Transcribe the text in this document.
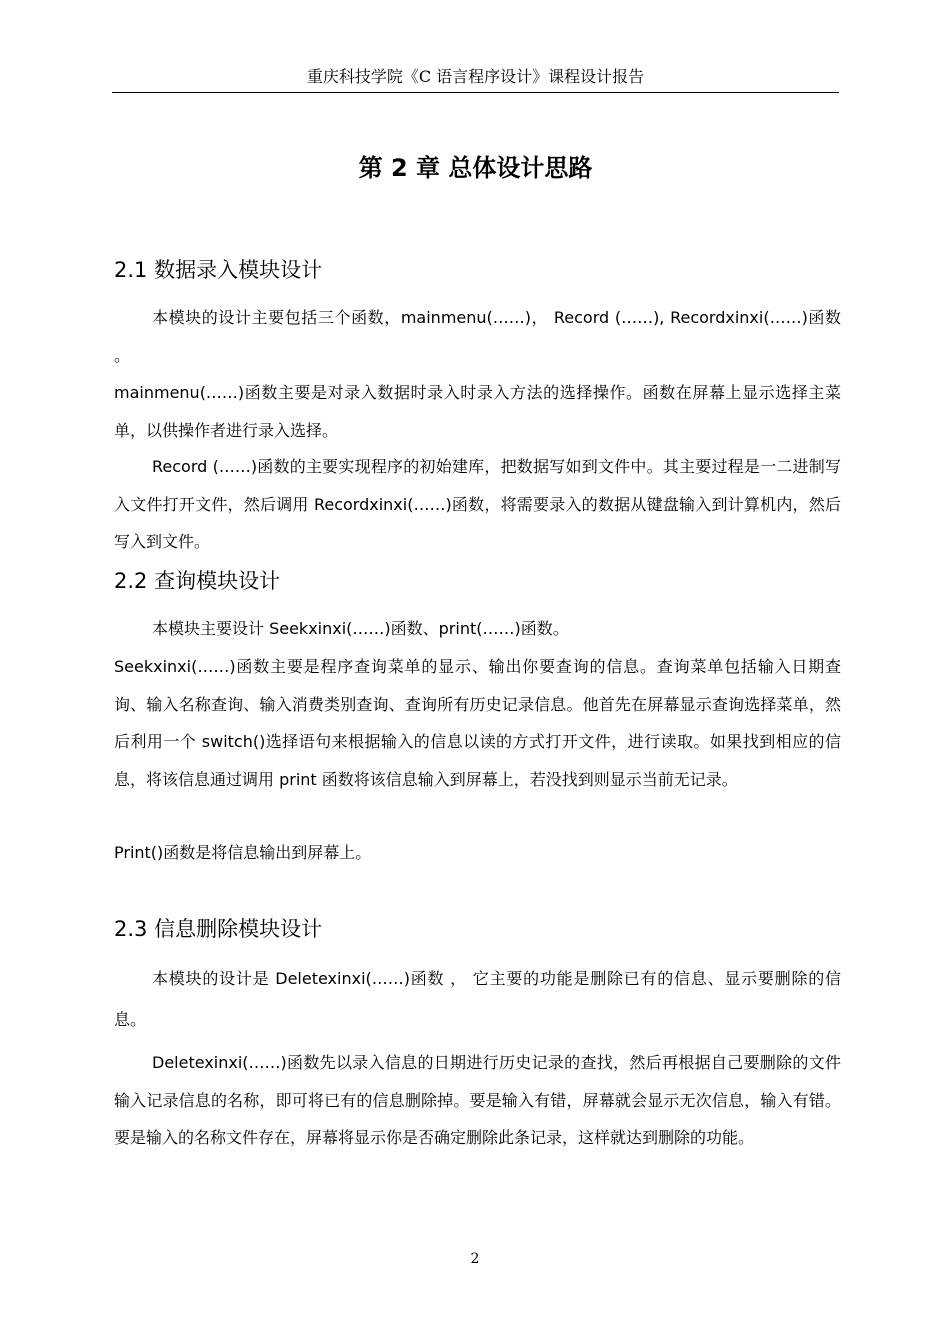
重庆科技学院《C 语言程序设计》课程设计报告
第 2 章 总体设计思路
2.1 数据录入模块设计

本模块的设计主要包括三个函数，mainmenu(……)， Record (……), Recordxinxi(……)函数 。

mainmenu(……)函数主要是对录入数据时录入时录入方法的选择操作。函数在屏幕上显示选择主菜单，以供操作者进行录入选择。

Record (……)函数的主要实现程序的初始建库，把数据写如到文件中。其主要过程是一二进制写入文件打开文件，然后调用 Recordxinxi(……)函数，将需要录入的数据从键盘输入到计算机内，然后写入到文件。

2.2 查询模块设计

本模块主要设计 Seekxinxi(……)函数、print(……)函数。

Seekxinxi(……)函数主要是程序查询菜单的显示、输出你要查询的信息。查询菜单包括输入日期查询、输入名称查询、输入消费类别查询、查询所有历史记录信息。他首先在屏幕显示查询选择菜单，然后利用一个 switch()选择语句来根据输入的信息以读的方式打开文件，进行读取。如果找到相应的信息，将该信息通过调用 print 函数将该信息输入到屏幕上，若没找到则显示当前无记录。

Print()函数是将信息输出到屏幕上。

2.3 信息删除模块设计

本模块的设计是 Deletexinxi(……)函数 ， 它主要的功能是删除已有的信息、显示要删除的信息。

Deletexinxi(……)函数先以录入信息的日期进行历史记录的查找，然后再根据自己要删除的文件输入记录信息的名称，即可将已有的信息删除掉。要是输入有错，屏幕就会显示无次信息，输入有错。要是输入的名称文件存在，屏幕将显示你是否确定删除此条记录，这样就达到删除的功能。

2
